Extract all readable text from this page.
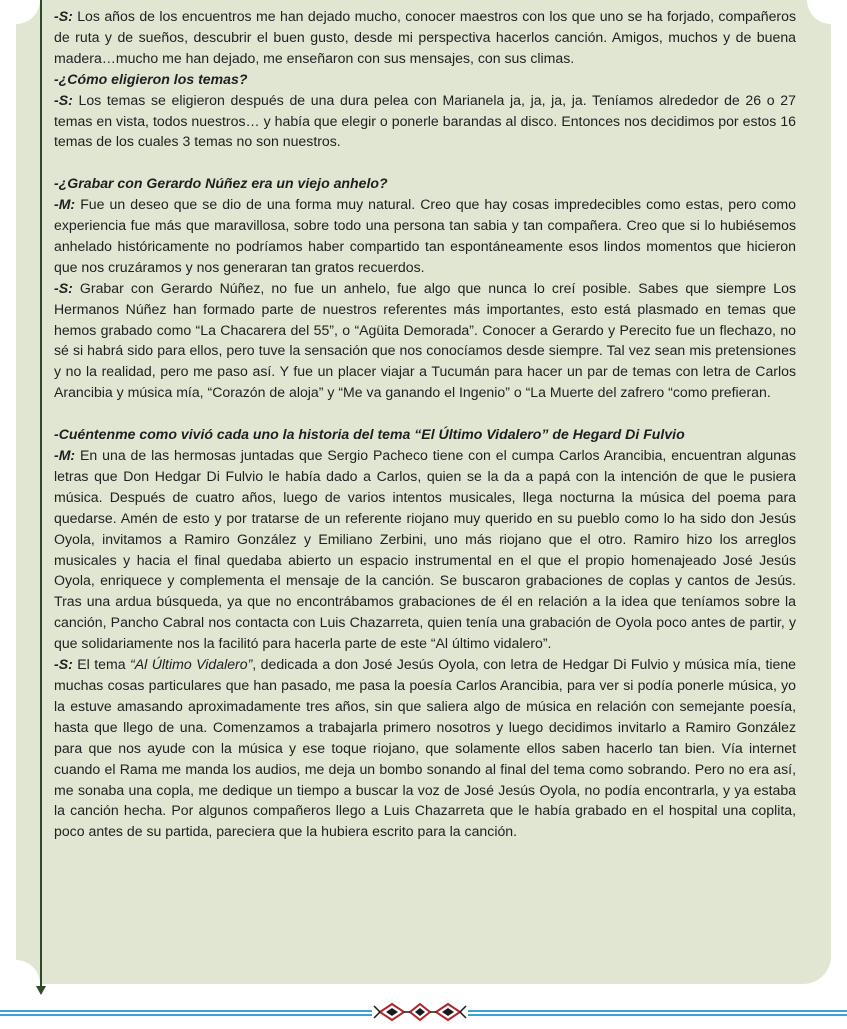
-S: Los años de los encuentros me han dejado mucho, conocer maestros con los que uno se ha forjado, compañeros de ruta y de sueños, descubrir el buen gusto, desde mi perspectiva hacerlos canción. Amigos, muchos y de buena madera…mucho me han dejado, me enseñaron con sus mensajes, con sus climas.

-¿Cómo eligieron los temas?

-S: Los temas se eligieron después de una dura pelea con Marianela ja, ja, ja, ja. Teníamos alrededor de 26 o 27 temas en vista, todos nuestros… y había que elegir o ponerle barandas al disco. Entonces nos decidimos por estos 16 temas de los cuales 3 temas no son nuestros.

-¿Grabar con Gerardo Núñez era un viejo anhelo?

-M: Fue un deseo que se dio de una forma muy natural. Creo que hay cosas impredecibles como estas, pero como experiencia fue más que maravillosa, sobre todo una persona tan sabia y tan compañera. Creo que si lo hubiésemos anhelado históricamente no podríamos haber compartido tan espontáneamente esos lindos momentos que hicieron que nos cruzáramos y nos generaran tan gratos recuerdos.

-S: Grabar con Gerardo Núñez, no fue un anhelo, fue algo que nunca lo creí posible. Sabes que siempre Los Hermanos Núñez han formado parte de nuestros referentes más importantes, esto está plasmado en temas que hemos grabado como “La Chacarera del 55”, o “Agüita Demorada”. Conocer a Gerardo y Perecito fue un flechazo, no sé si habrá sido para ellos, pero tuve la sensación que nos conocíamos desde siempre. Tal vez sean mis pretensiones y no la realidad, pero me paso así. Y fue un placer viajar a Tucumán para hacer un par de temas con letra de Carlos Arancibia y música mía, “Corazón de aloja” y “Me va ganando el Ingenio” o “La Muerte del zafrero “como prefieran.

-Cuéntenme como vivió cada uno la historia del tema “El Último Vidalero” de Hegard Di Fulvio

-M: En una de las hermosas juntadas que Sergio Pacheco tiene con el cumpa Carlos Arancibia, encuentran algunas letras que Don Hedgar Di Fulvio le había dado a Carlos, quien se la da a papá con la intención de que le pusiera música. Después de cuatro años, luego de varios intentos musicales, llega nocturna la música del poema para quedarse. Amén de esto y por tratarse de un referente riojano muy querido en su pueblo como lo ha sido don Jesús Oyola, invitamos a Ramiro González y Emiliano Zerbini, uno más riojano que el otro. Ramiro hizo los arreglos musicales y hacia el final quedaba abierto un espacio instrumental en el que el propio homenajeado José Jesús Oyola, enriquece y complementa el mensaje de la canción. Se buscaron grabaciones de coplas y cantos de Jesús. Tras una ardua búsqueda, ya que no encontrábamos grabaciones de él en relación a la idea que teníamos sobre la canción, Pancho Cabral nos contacta con Luis Chazarreta, quien tenía una grabación de Oyola poco antes de partir, y que solidariamente nos la facilitó para hacerla parte de este “Al último vidalero”.

-S: El tema “Al Último Vidalero”, dedicada a don José Jesús Oyola, con letra de Hedgar Di Fulvio y música mía, tiene muchas cosas particulares que han pasado, me pasa la poesía Carlos Arancibia, para ver si podía ponerle música, yo la estuve amasando aproximadamente tres años, sin que saliera algo de música en relación con semejante poesía, hasta que llego de una. Comenzamos a trabajarla primero nosotros y luego decidimos invitarlo a Ramiro González para que nos ayude con la música y ese toque riojano, que solamente ellos saben hacerlo tan bien. Vía internet cuando el Rama me manda los audios, me deja un bombo sonando al final del tema como sobrando. Pero no era así, me sonaba una copla, me dedique un tiempo a buscar la voz de José Jesús Oyola, no podía encontrarla, y ya estaba la canción hecha. Por algunos compañeros llego a Luis Chazarreta que le había grabado en el hospital una coplita, poco antes de su partida, pareciera que la hubiera escrito para la canción.
